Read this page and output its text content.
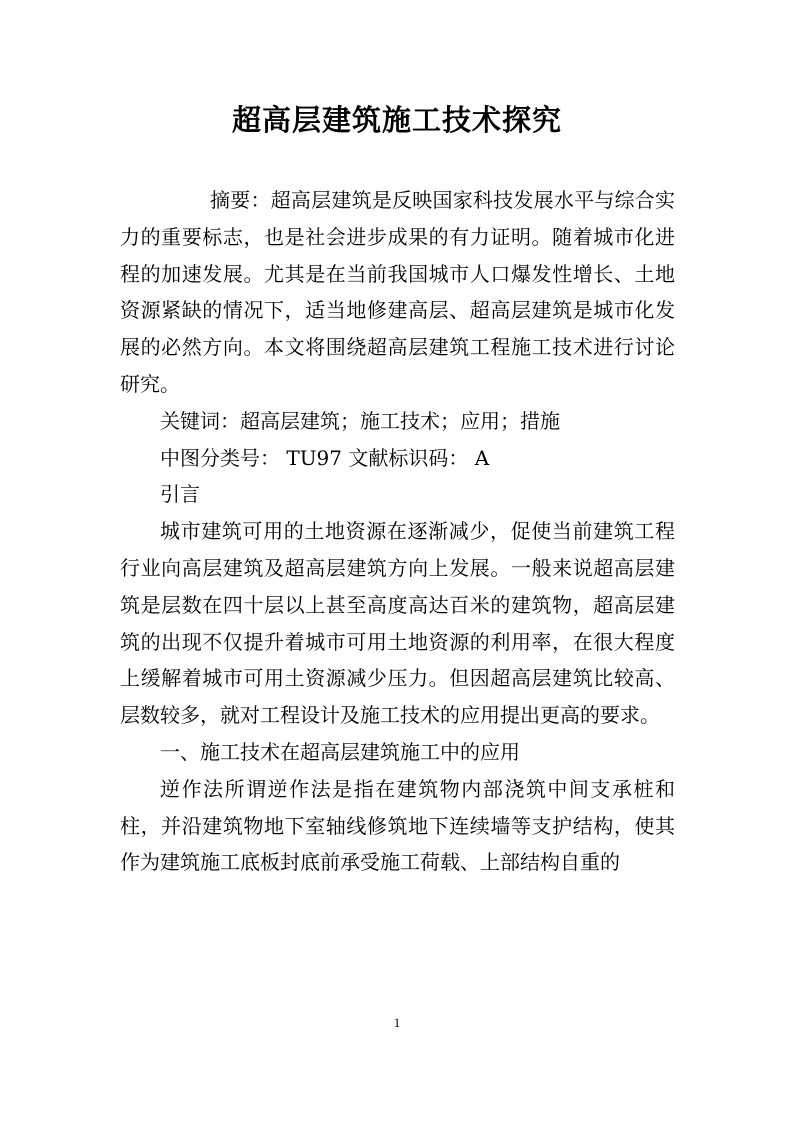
超高层建筑施工技术探究

摘要：超高层建筑是反映国家科技发展水平与综合实力的重要标志，也是社会进步成果的有力证明。随着城市化进程的加速发展。尤其是在当前我国城市人口爆发性增长、土地资源紧缺的情况下，适当地修建高层、超高层建筑是城市化发展的必然方向。本文将围绕超高层建筑工程施工技术进行讨论研究。

关键词：超高层建筑；施工技术；应用；措施

中图分类号： TU97 文献标识码： A

引言

城市建筑可用的土地资源在逐渐减少，促使当前建筑工程行业向高层建筑及超高层建筑方向上发展。一般来说超高层建筑是层数在四十层以上甚至高度高达百米的建筑物，超高层建筑的出现不仅提升着城市可用土地资源的利用率，在很大程度上缓解着城市可用土资源减少压力。但因超高层建筑比较高、层数较多，就对工程设计及施工技术的应用提出更高的要求。

一、施工技术在超高层建筑施工中的应用

逆作法所谓逆作法是指在建筑物内部浇筑中间支承桩和柱，并沿建筑物地下室轴线修筑地下连续墙等支护结构，使其作为建筑施工底板封底前承受施工荷载、上部结构自重的

1
